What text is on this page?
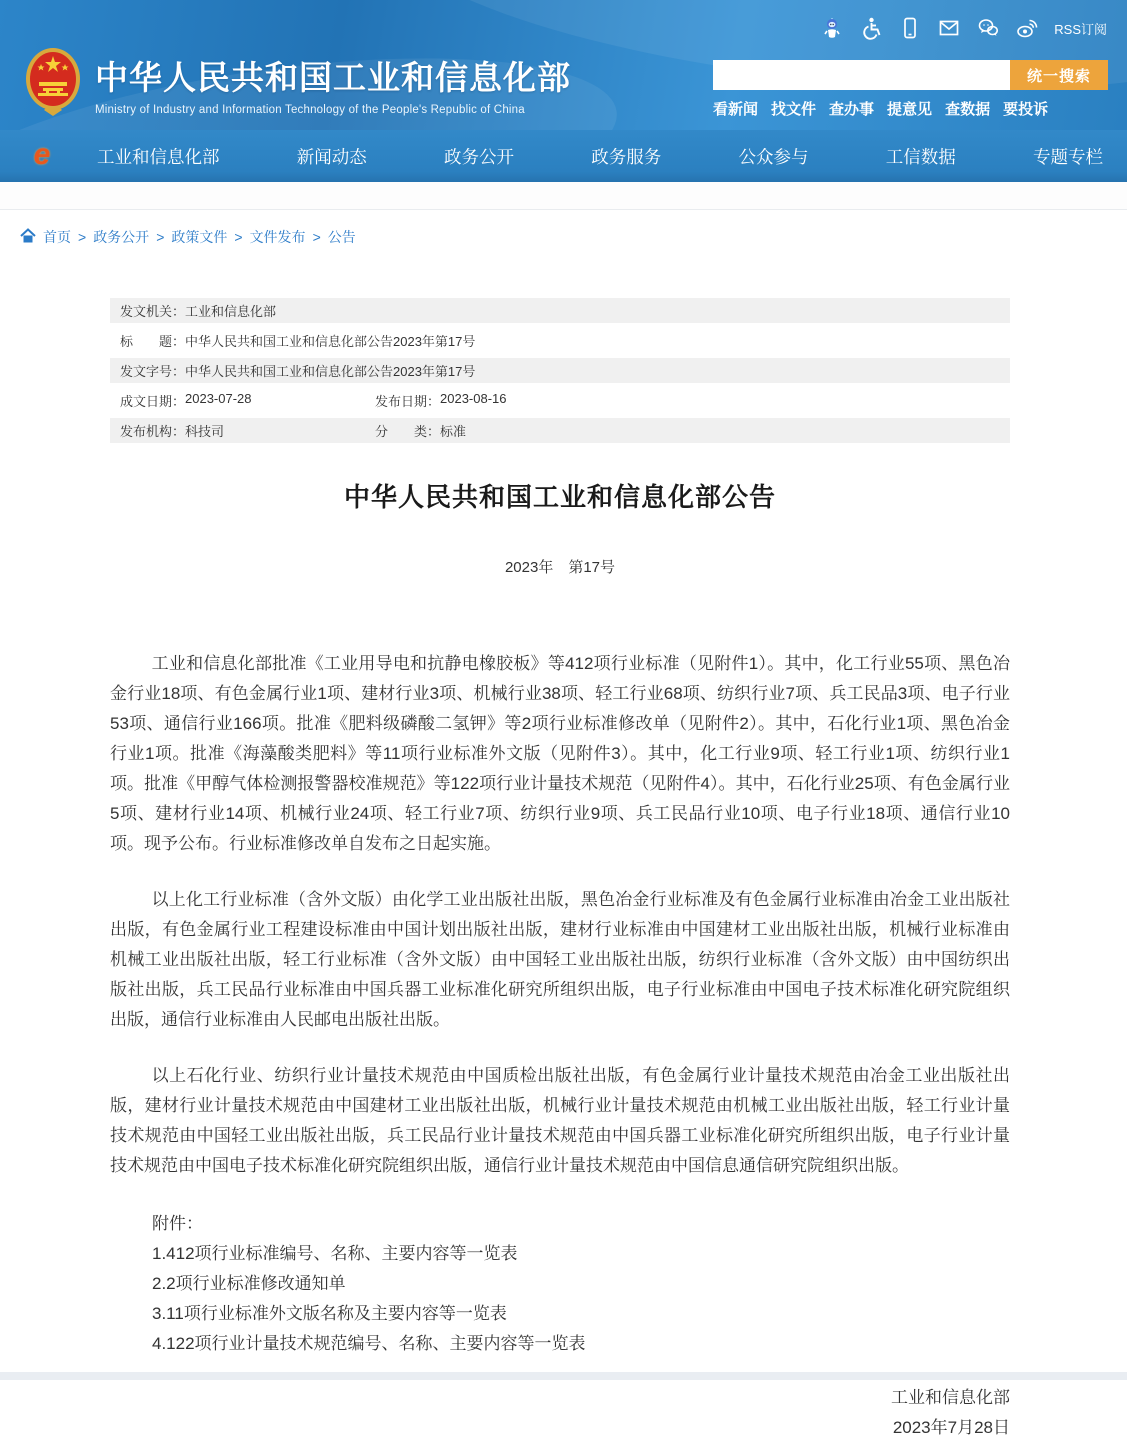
中华人民共和国工业和信息化部
Ministry of Industry and Information Technology of the People's Republic of China
RSS订阅
统一搜索
看新闻 找文件 查办事 提意见 查数据 要投诉
e	工业和信息化部	新闻动态	政务公开	政务服务	公众参与	工信数据	专题专栏
首页 > 政务公开 > 政策文件 > 文件发布 > 公告
发文机关： 工业和信息化部
标　　题： 中华人民共和国工业和信息化部公告2023年第17号
发文字号： 中华人民共和国工业和信息化部公告2023年第17号
成文日期： 2023-07-28	发布日期： 2023-08-16
发布机构： 科技司	分　　类： 标准
中华人民共和国工业和信息化部公告
2023年　第17号

工业和信息化部批准《工业用导电和抗静电橡胶板》等412项行业标准（见附件1）。其中，化工行业55项、黑色冶金行业18项、有色金属行业1项、建材行业3项、机械行业38项、轻工行业68项、纺织行业7项、兵工民品3项、电子行业53项、通信行业166项。批准《肥料级磷酸二氢钾》等2项行业标准修改单（见附件2）。其中，石化行业1项、黑色冶金行业1项。批准《海藻酸类肥料》等11项行业标准外文版（见附件3）。其中，化工行业9项、轻工行业1项、纺织行业1项。批准《甲醇气体检测报警器校准规范》等122项行业计量技术规范（见附件4）。其中，石化行业25项、有色金属行业5项、建材行业14项、机械行业24项、轻工行业7项、纺织行业9项、兵工民品行业10项、电子行业18项、通信行业10项。现予公布。行业标准修改单自发布之日起实施。

以上化工行业标准（含外文版）由化学工业出版社出版，黑色冶金行业标准及有色金属行业标准由冶金工业出版社出版，有色金属行业工程建设标准由中国计划出版社出版，建材行业标准由中国建材工业出版社出版，机械行业标准由机械工业出版社出版，轻工行业标准（含外文版）由中国轻工业出版社出版，纺织行业标准（含外文版）由中国纺织出版社出版，兵工民品行业标准由中国兵器工业标准化研究所组织出版，电子行业标准由中国电子技术标准化研究院组织出版，通信行业标准由人民邮电出版社出版。

以上石化行业、纺织行业计量技术规范由中国质检出版社出版，有色金属行业计量技术规范由冶金工业出版社出版，建材行业计量技术规范由中国建材工业出版社出版，机械行业计量技术规范由机械工业出版社出版，轻工行业计量技术规范由中国轻工业出版社出版，兵工民品行业计量技术规范由中国兵器工业标准化研究所组织出版，电子行业计量技术规范由中国电子技术标准化研究院组织出版，通信行业计量技术规范由中国信息通信研究院组织出版。

附件：
1.412项行业标准编号、名称、主要内容等一览表
2.2项行业标准修改通知单
3.11项行业标准外文版名称及主要内容等一览表
4.122项行业计量技术规范编号、名称、主要内容等一览表
工业和信息化部
2023年7月28日
